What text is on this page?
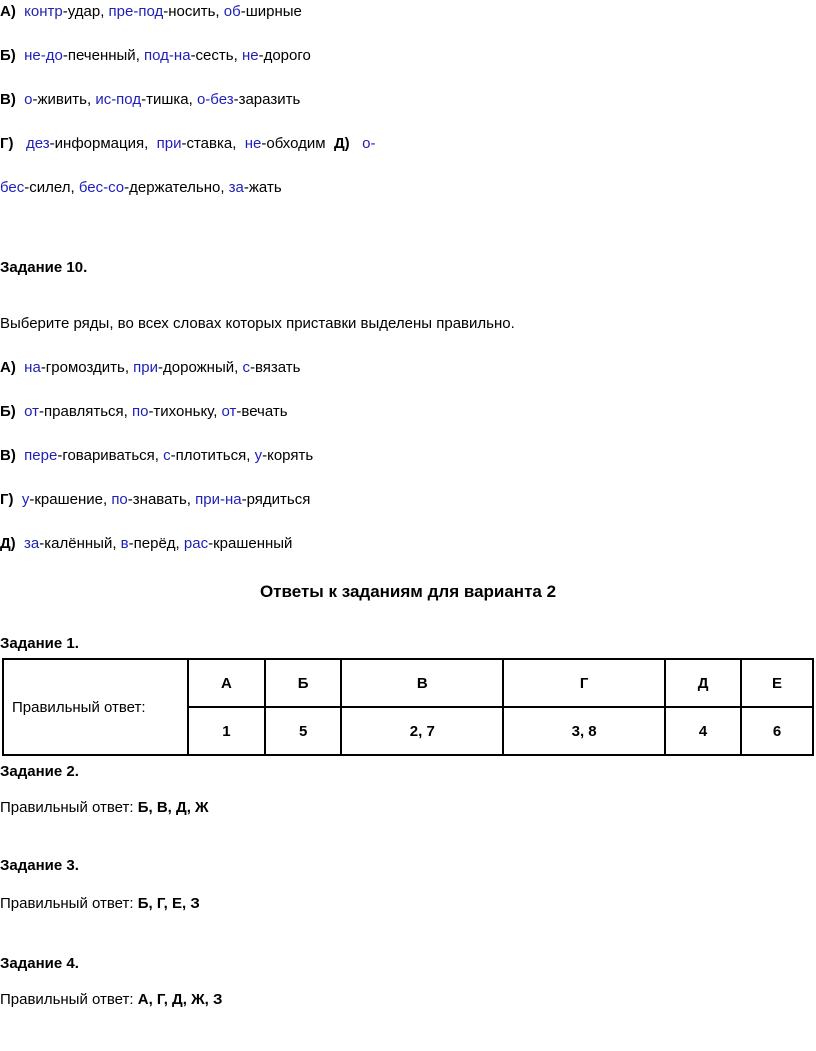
А) контр-удар, пре-под-носить, об-ширные
Б) не-до-печенный, под-на-сесть, не-дорого
В) о-живить, ис-под-тишка, о-без-заразить
Г) дез-информация, при-ставка, не-обходим Д) о-
бес-силел, бес-со-держательно, за-жать
Задание 10.
Выберите ряды, во всех словах которых приставки выделены правильно.
А) на-громоздить, при-дорожный, с-вязать
Б) от-правляться, по-тихоньку, от-вечать
В) пере-говариваться, с-плотиться, у-корять
Г) у-крашение, по-знавать, при-на-рядиться
Д) за-калённый, в-перёд, рас-крашенный
Ответы к заданиям для варианта 2
Задание 1.
Правильный ответ:	А	Б	В	Г	Д	Е
	1	5	2, 7	3, 8	4	6
Задание 2.
Правильный ответ: Б, В, Д, Ж
Задание 3.
Правильный ответ: Б, Г, Е, З
Задание 4.
Правильный ответ: А, Г, Д, Ж, З
